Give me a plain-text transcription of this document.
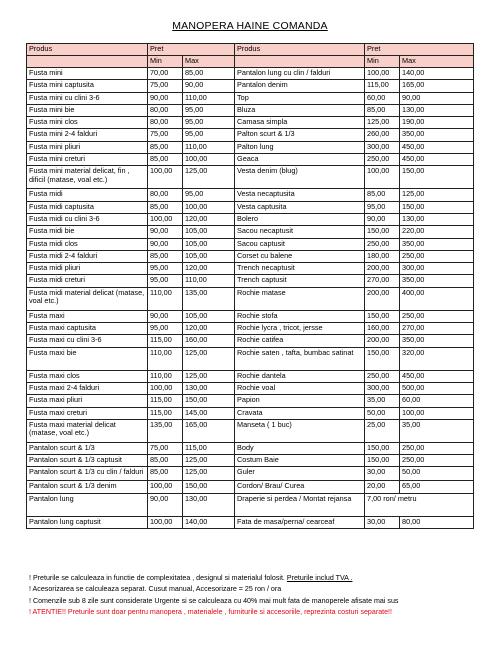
MANOPERA HAINE COMANDA
Produs	Pret		Produs	Pret	
	Min	Max		Min	Max
Fusta mini	70,00	85,00	Pantalon lung cu clin / falduri	100,00	140,00
Fusta mini captusita	75,00	90,00	Pantalon denim	115,00	165,00
Fusta mini cu clini 3-6	90,00	110,00	Top	60,00	90,00
Fusta mini bie	80,00	95,00	Bluza	85,00	130,00
Fusta mini clos	80,00	95,00	Camasa simpla	125,00	190,00
Fusta mini 2-4 falduri	75,00	95,00	Palton scurt & 1/3	260,00	350,00
Fusta mini pliuri	85,00	110,00	Palton lung	300,00	450,00
Fusta mini creturi	85,00	100,00	Geaca	250,00	450,00
Fusta mini material delicat, fin , dificil (matase, voal etc.)	100,00	125,00	Vesta denim (blug)	100,00	150,00
Fusta midi	80,00	95,00	Vesta necaptusita	85,00	125,00
Fusta midi captusita	85,00	100,00	Vesta captusita	95,00	150,00
Fusta midi cu clini 3-6	100,00	120,00	Bolero	90,00	130,00
Fusta midi bie	90,00	105,00	Sacou necaptusit	150,00	220,00
Fusta midi clos	90,00	105,00	Sacou captusit	250,00	350,00
Fusta midi 2-4 falduri	85,00	105,00	Corset cu balene	180,00	250,00
Fusta midi pliuri	95,00	120,00	Trench necaptusit	200,00	300,00
Fusta midi creturi	95,00	110,00	Trench captusit	270,00	350,00
Fusta midi material delicat (matase, voal etc.)	110,00	135,00	Rochie matase	200,00	400,00
Fusta maxi	90,00	105,00	Rochie stofa	150,00	250,00
Fusta maxi captusita	95,00	120,00	Rochie lycra , tricot, jersse	160,00	270,00
Fusta maxi cu clini 3-6	115,00	160,00	Rochie catifea	200,00	350,00
Fusta maxi bie	110,00	125,00	Rochie saten , tafta, bumbac satinat	150,00	320,00
Fusta maxi clos	110,00	125,00	Rochie dantela	250,00	450,00
Fusta maxi 2-4 falduri	100,00	130,00	Rochie voal	300,00	500,00
Fusta maxi pliuri	115,00	150,00	Papion	35,00	60,00
Fusta maxi creturi	115,00	145,00	Cravata	50,00	100,00
Fusta maxi material delicat (matase, voal etc.)	135,00	165,00	Manseta ( 1 buc)	25,00	35,00
Pantalon scurt & 1/3	75,00	115,00	Body	150,00	250,00
Pantalon scurt & 1/3 captusit	85,00	125,00	Costum Baie	150,00	250,00
Pantalon scurt & 1/3 cu clin / falduri	85,00	125,00	Guler	30,00	50,00
Pantalon scurt & 1/3 denim	100,00	150,00	Cordon/ Brau/ Curea	20,00	65,00
Pantalon lung	90,00	130,00	Draperie si perdea / Montat rejansa	7,00 ron/ metru	
Pantalon lung captusit	100,00	140,00	Fata de masa/perna/ cearceaf	30,00	80,00
! Preturile se calculeaza in functie de complexitatea , designul si materialul folosit. Preturile includ TVA .
! Acesorizarea se calculeaza separat. Cusut manual, Accesorizare = 25 ron / ora
! Comenzile sub 8 zile sunt considerate Urgente si se calculeaza cu 40% mai mult fata de manoperele afisate mai sus
! ATENTIE!! Preturile sunt doar pentru manopera , materialele , furniturile si accesoriile, reprezinta costuri separate!!
